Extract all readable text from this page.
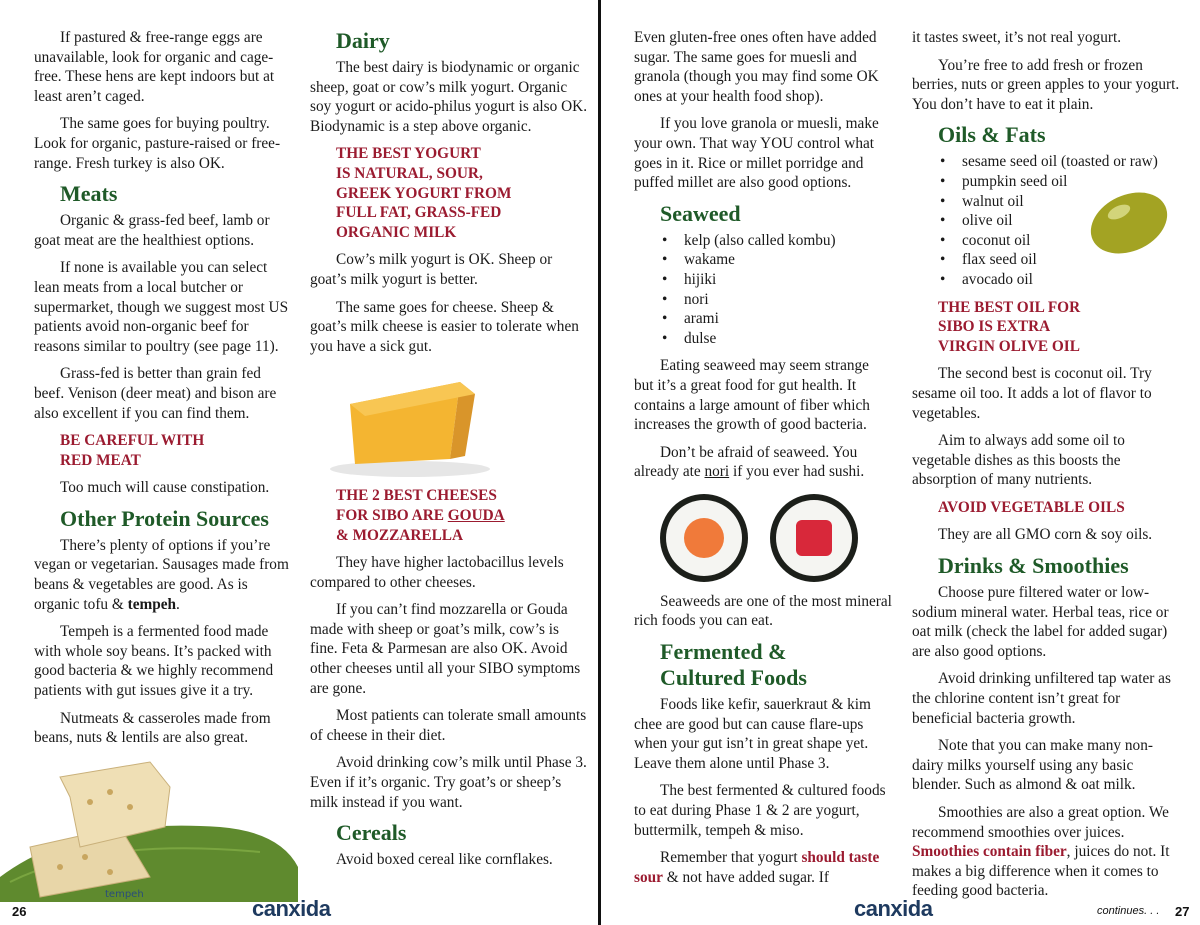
If pastured & free-range eggs are unavailable, look for organic and cage-free. These hens are kept indoors but at least aren’t caged.

The same goes for buying poultry. Look for organic, pasture-raised or free-range. Fresh turkey is also OK.

Meats

Organic & grass-fed beef, lamb or goat meat are the healthiest options.

If none is available you can select lean meats from a local butcher or supermarket, though we suggest most US patients avoid non-organic beef for reasons similar to poultry (see page 11).

Grass-fed is better than grain fed beef. Venison (deer meat) and bison are also excellent if you can find them.

BE CAREFUL WITH
RED MEAT

Too much will cause constipation.

Other Protein Sources

There’s plenty of options if you’re vegan or vegetarian. Sausages made from beans & vegetables are good. As is organic tofu & tempeh.

Tempeh is a fermented food made with whole soy beans. It’s packed with good bacteria & we highly recommend patients with gut issues give it a try.

Nutmeats & casseroles made from beans, nuts & lentils are also great.

tempeh
Dairy

The best dairy is biodynamic or organic sheep, goat or cow’s milk yogurt. Organic soy yogurt or acido-philus yogurt is also OK. Biodynamic is a step above organic.

THE BEST YOGURT
IS NATURAL, SOUR,
GREEK YOGURT FROM
FULL FAT, GRASS-FED
ORGANIC MILK

Cow’s milk yogurt is OK. Sheep or goat’s milk yogurt is better.

The same goes for cheese. Sheep & goat’s milk cheese is easier to tolerate when you have a sick gut.

THE 2 BEST CHEESES
FOR SIBO ARE GOUDA
& MOZZARELLA

They have higher lactobacillus levels compared to other cheeses.

If you can’t find mozzarella or Gouda made with sheep or goat’s milk, cow’s is fine. Feta & Parmesan are also OK. Avoid other cheeses until all your SIBO symptoms are gone.

Most patients can tolerate small amounts of cheese in their diet.

Avoid drinking cow’s milk until Phase 3. Even if it’s organic. Try goat’s or sheep’s milk instead if you want.

Cereals

Avoid boxed cereal like cornflakes.

26	canxida

Even gluten-free ones often have added sugar. The same goes for muesli and granola (though you may find some OK ones at your health food shop).

If you love granola or muesli, make your own. That way YOU control what goes in it. Rice or millet porridge and puffed millet are also good options.

Seaweed
• kelp (also called kombu)
• wakame
• hijiki
• nori
• arami
• dulse

Eating seaweed may seem strange but it’s a great food for gut health. It contains a large amount of fiber which increases the growth of good bacteria.

Don’t be afraid of seaweed. You already ate nori if you ever had sushi.

Seaweeds are one of the most mineral rich foods you can eat.

Fermented &
Cultured Foods

Foods like kefir, sauerkraut & kim chee are good but can cause flare-ups when your gut isn’t in great shape yet. Leave them alone until Phase 3.

The best fermented & cultured foods to eat during Phase 1 & 2 are yogurt, buttermilk, tempeh & miso.

Remember that yogurt should taste sour & not have added sugar. If

it tastes sweet, it’s not real yogurt.

You’re free to add fresh or frozen berries, nuts or green apples to your yogurt. You don’t have to eat it plain.

Oils & Fats
• sesame seed oil (toasted or raw)
• pumpkin seed oil
• walnut oil
• olive oil
• coconut oil
• flax seed oil
• avocado oil
THE BEST OIL FOR
SIBO IS EXTRA
VIRGIN OLIVE OIL

The second best is coconut oil. Try sesame oil too. It adds a lot of flavor to vegetables.

Aim to always add some oil to vegetable dishes as this boosts the absorption of many nutrients.

AVOID VEGETABLE OILS

They are all GMO corn & soy oils.

Drinks & Smoothies

Choose pure filtered water or low-sodium mineral water. Herbal teas, rice or oat milk (check the label for added sugar) are also good options.

Avoid drinking unfiltered tap water as the chlorine content isn’t great for beneficial bacteria growth.

Note that you can make many non-dairy milks yourself using any basic blender. Such as almond & oat milk.

Smoothies are also a great option. We recommend smoothies over juices. Smoothies contain fiber, juices do not. It makes a big difference when it comes to feeding good bacteria.

canxida	continues. . . 27
